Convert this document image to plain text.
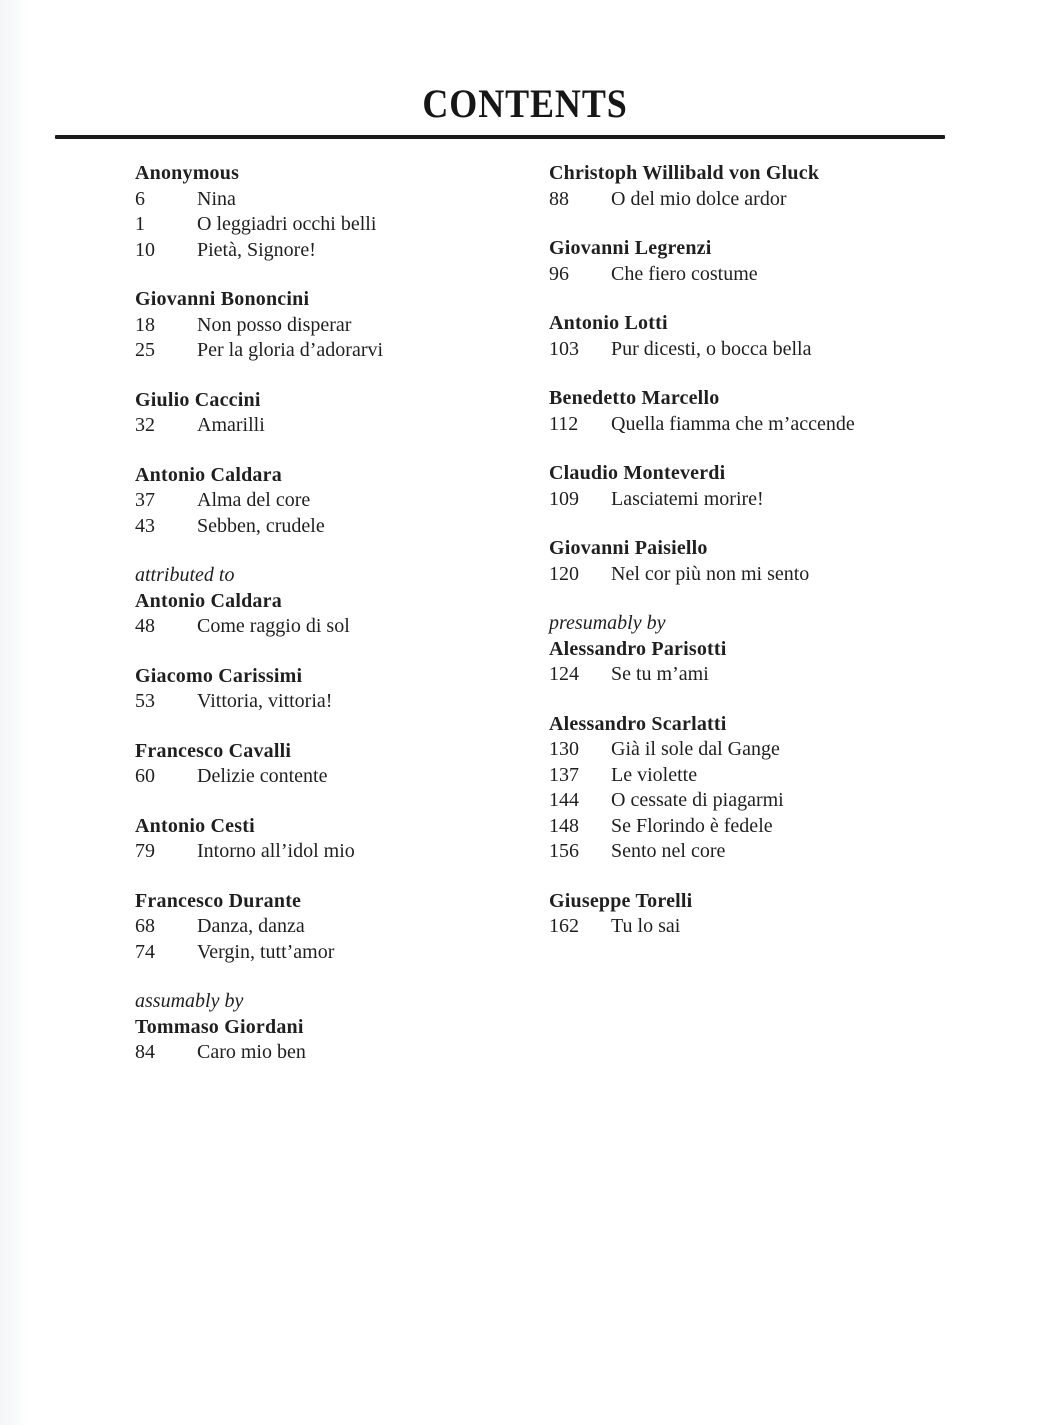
CONTENTS
Anonymous
6	Nina
1	O leggiadri occhi belli
10	Pietà, Signore!
Giovanni Bononcini
18	Non posso disperar
25	Per la gloria d’adorarvi
Giulio Caccini
32	Amarilli
Antonio Caldara
37	Alma del core
43	Sebben, crudele
attributed to
Antonio Caldara
48	Come raggio di sol
Giacomo Carissimi
53	Vittoria, vittoria!
Francesco Cavalli
60	Delizie contente
Antonio Cesti
79	Intorno all’idol mio
Francesco Durante
68	Danza, danza
74	Vergin, tutt’amor
assumably by
Tommaso Giordani
84	Caro mio ben
Christoph Willibald von Gluck
88	O del mio dolce ardor
Giovanni Legrenzi
96	Che fiero costume
Antonio Lotti
103	Pur dicesti, o bocca bella
Benedetto Marcello
112	Quella fiamma che m’accende
Claudio Monteverdi
109	Lasciatemi morire!
Giovanni Paisiello
120	Nel cor più non mi sento
presumably by
Alessandro Parisotti
124	Se tu m’ami
Alessandro Scarlatti
130	Già il sole dal Gange
137	Le violette
144	O cessate di piagarmi
148	Se Florindo è fedele
156	Sento nel core
Giuseppe Torelli
162	Tu lo sai
